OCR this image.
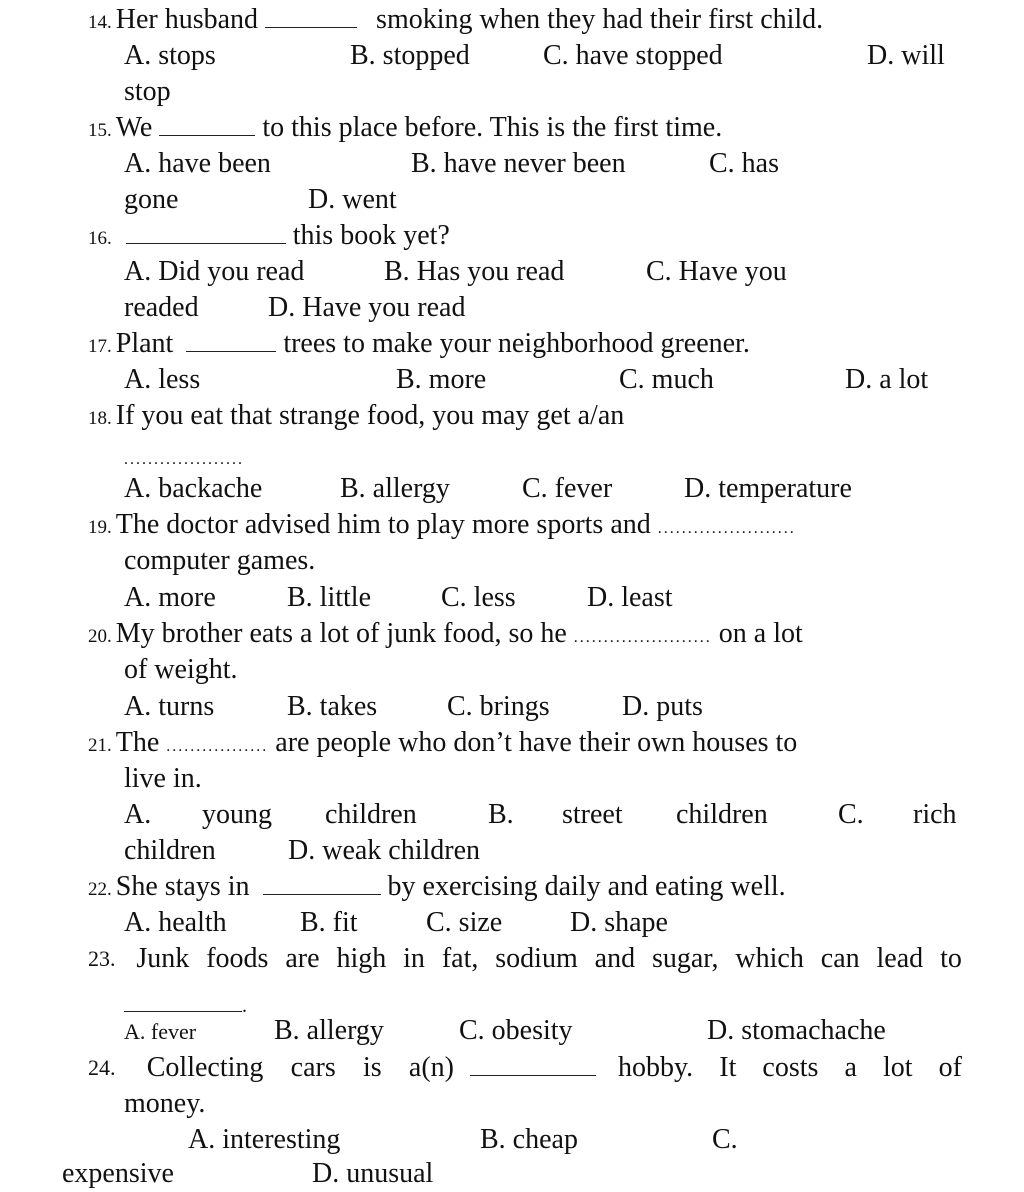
14. Her husband	smoking when they had their first child.
A. stops	B. stopped	C. have stopped	D. will
stop
15. We	to this place before. This is the first time.
A. have been	B. have never been	C. has
gone	D. went
16.	this book yet?
A. Did you read	B. Has you read	C. Have you
readed D. Have you read
17. Plant	trees to make your neighborhood greener.
A. less	B. more	C. much	D. a lot
18. If you eat that strange food, you may get a/an
....................
A. backache	B. allergy	C. fever	D. temperature
19. The doctor advised him to play more sports and .......................
computer games.
A. more	B. little	C. less	D. least
20. My brother eats a lot of junk food, so he ....................... on a lot
of weight.
A. turns	B. takes C. brings	D. puts
21. The ................. are people who don’t have their own houses to
live in.
A. young children	B. street children	C. rich
children	D. weak children
22. She stays in	by exercising daily and eating well.
A. health	B. fit C. size D. shape
23. Junk foods are high in fat, sodium and sugar, which can lead to
.
A. fever	B. allergy	C. obesity	D. stomachache
24. Collecting cars is a(n)	hobby. It costs a lot of
money.
A. interesting	B. cheap	C.
expensive	D. unusual
